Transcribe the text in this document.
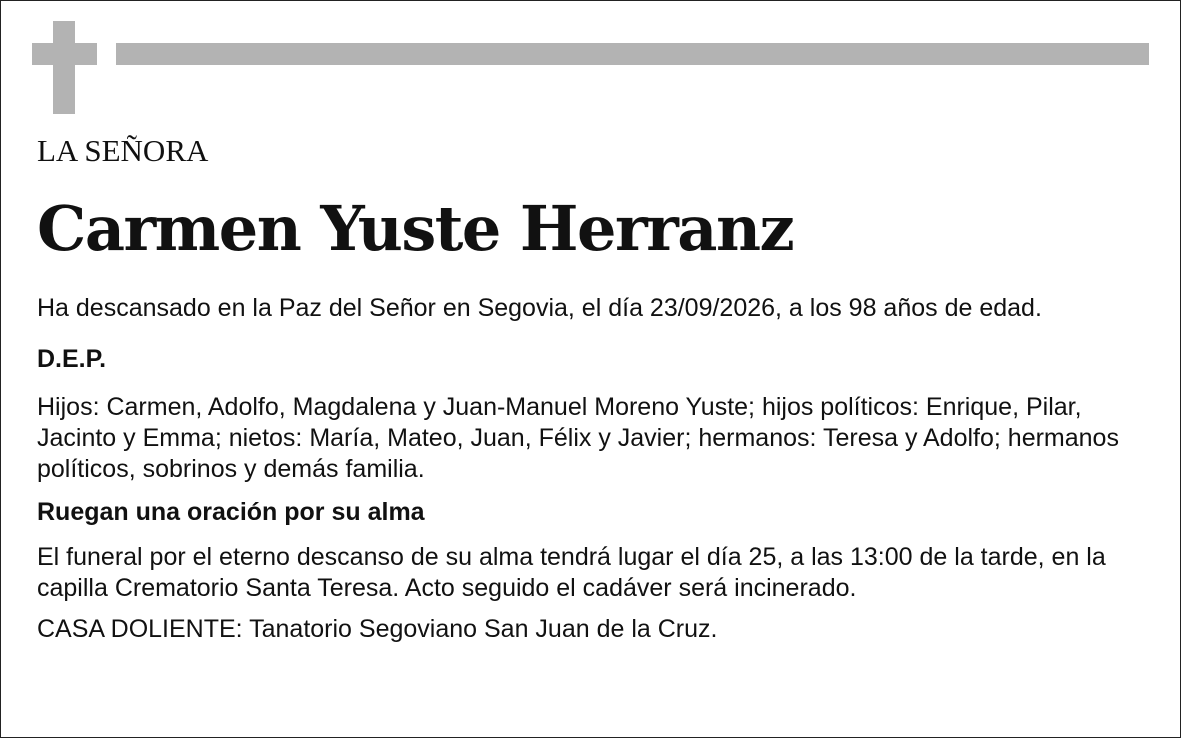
LA SEÑORA
Carmen Yuste Herranz
Ha descansado en la Paz del Señor en Segovia, el día 23/09/2026, a los 98 años de edad.
D.E.P.
Hijos: Carmen, Adolfo, Magdalena y Juan-Manuel Moreno Yuste; hijos políticos: Enrique, Pilar, Jacinto y Emma; nietos: María, Mateo, Juan, Félix y Javier; hermanos: Teresa y Adolfo; hermanos políticos, sobrinos y demás familia.
Ruegan una oración por su alma
El funeral por el eterno descanso de su alma tendrá lugar el día 25, a las 13:00 de la tarde, en la capilla Crematorio Santa Teresa. Acto seguido el cadáver será incinerado.
CASA DOLIENTE: Tanatorio Segoviano San Juan de la Cruz.
